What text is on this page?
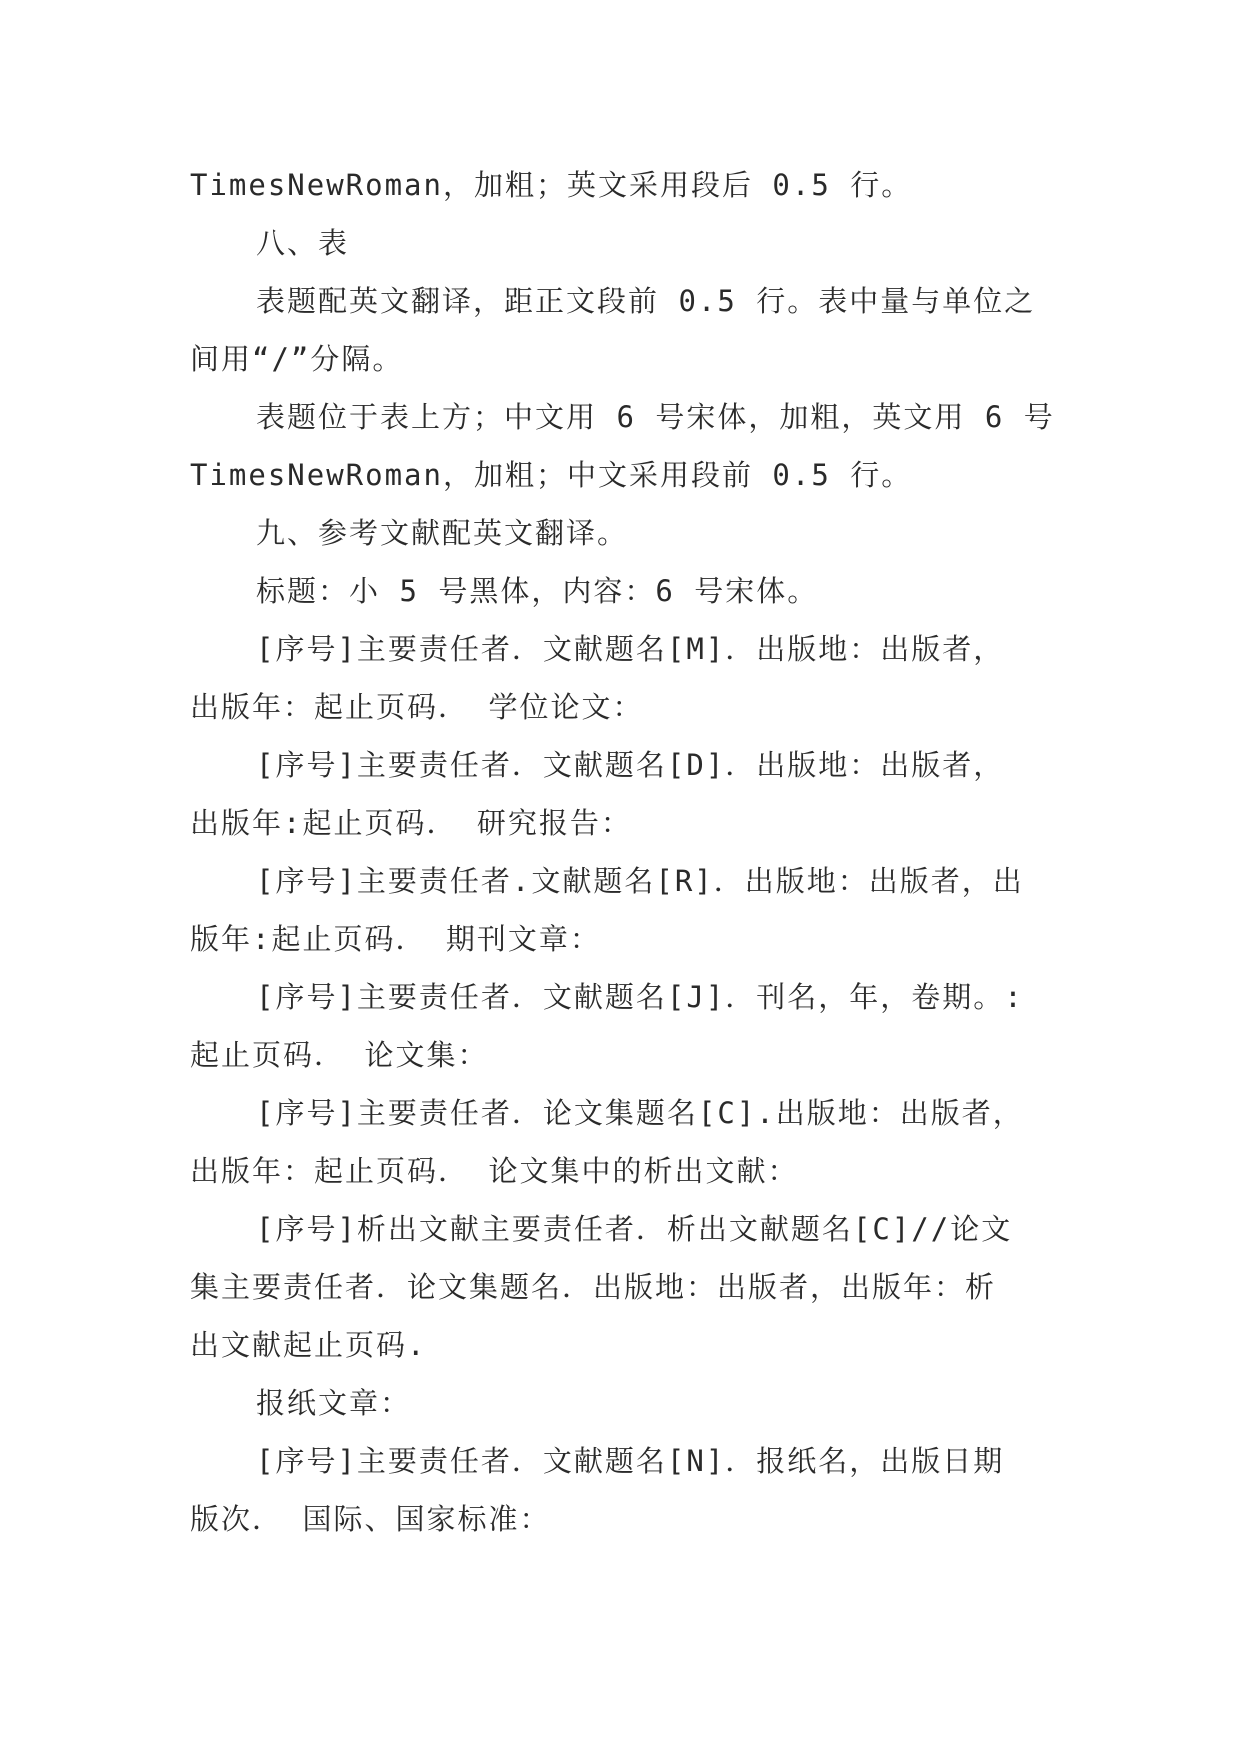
TimesNewRoman，加粗；英文采用段后 0.5 行。

八、表

表题配英文翻译，距正文段前 0.5 行。表中量与单位之

间用“/”分隔。

表题位于表上方；中文用 6 号宋体，加粗，英文用 6 号

TimesNewRoman，加粗；中文采用段前 0.5 行。

九、参考文献配英文翻译。

标题：小 5 号黑体，内容：6 号宋体。

[序号]主要责任者．文献题名[M]．出版地：出版者，

出版年：起止页码． 学位论文：

[序号]主要责任者．文献题名[D]．出版地：出版者，

出版年:起止页码． 研究报告：

[序号]主要责任者.文献题名[R]．出版地：出版者，出

版年:起止页码． 期刊文章：

[序号]主要责任者．文献题名[J]．刊名，年，卷期。:

起止页码． 论文集：

[序号]主要责任者．论文集题名[C].出版地：出版者，

出版年：起止页码． 论文集中的析出文献：

[序号]析出文献主要责任者．析出文献题名[C]//论文

集主要责任者．论文集题名．出版地：出版者，出版年：析

出文献起止页码.

报纸文章：

[序号]主要责任者．文献题名[N]．报纸名，出版日期

版次． 国际、国家标准：
